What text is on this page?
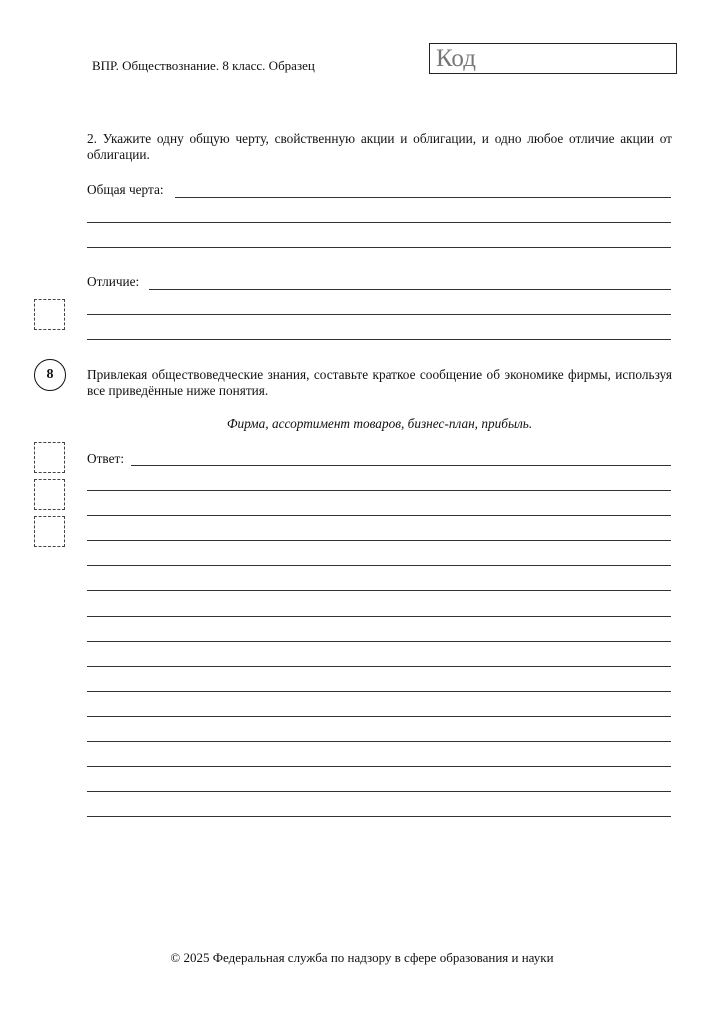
ВПР. Обществознание. 8 класс. Образец	Код
2. Укажите одну общую черту, свойственную акции и облигации, и одно любое отличие акции от облигации.
Общая черта:
Отличие:
8	Привлекая обществоведческие знания, составьте краткое сообщение об экономике фирмы, используя все приведённые ниже понятия.
Фирма, ассортимент товаров, бизнес-план, прибыль.
Ответ:
© 2025 Федеральная служба по надзору в сфере образования и науки
